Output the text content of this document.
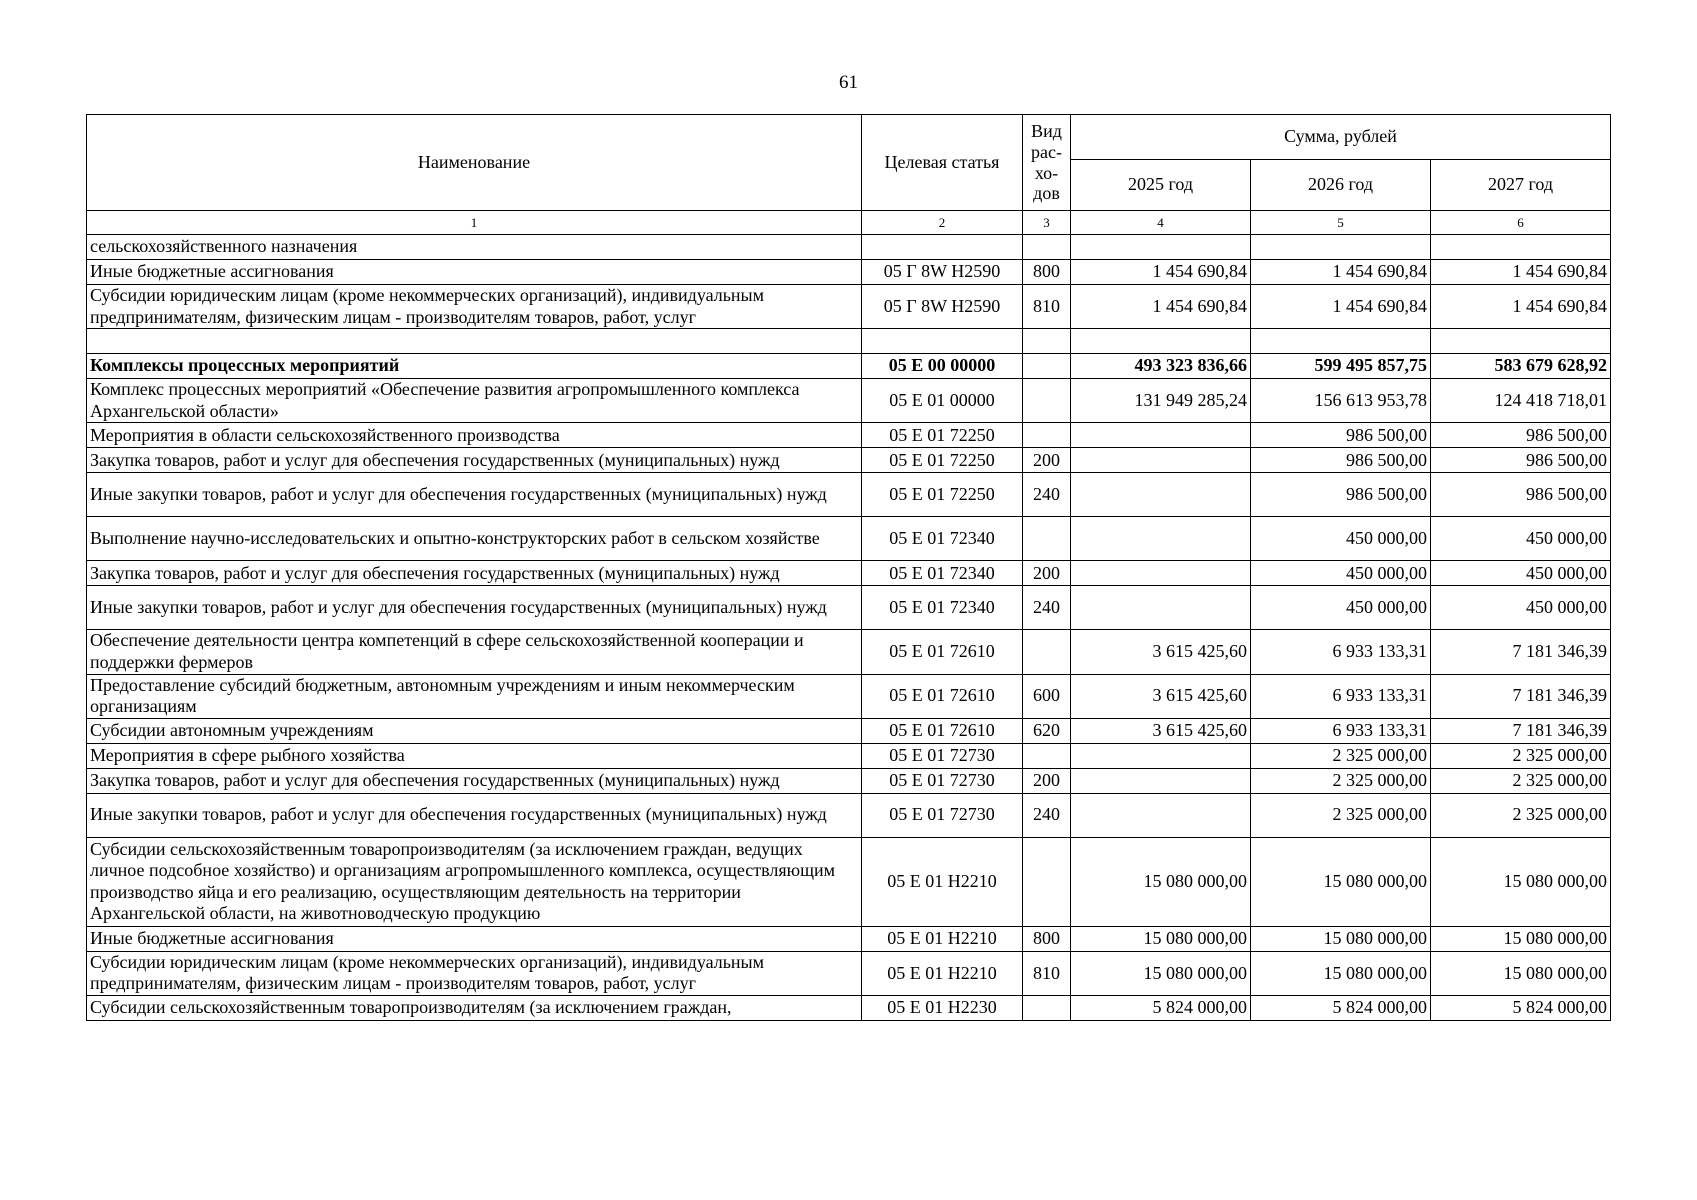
61
Наименование	Целевая статья	Вид рас-хо-дов	Сумма, рублей		
			2025 год	2026 год	2027 год
1	2	3	4	5	6
сельскохозяйственного назначения					
Иные бюджетные ассигнования	05 Г 8W H2590	800	1 454 690,84	1 454 690,84	1 454 690,84
Субсидии юридическим лицам (кроме некоммерческих организаций), индивидуальным предпринимателям, физическим лицам - производителям товаров, работ, услуг	05 Г 8W H2590	810	1 454 690,84	1 454 690,84	1 454 690,84

Комплексы процессных мероприятий	05 Е 00 00000		493 323 836,66	599 495 857,75	583 679 628,92
Комплекс процессных мероприятий «Обеспечение развития агропромышленного комплекса Архангельской области»	05 Е 01 00000		131 949 285,24	156 613 953,78	124 418 718,01
Мероприятия в области сельскохозяйственного производства	05 Е 01 72250			986 500,00	986 500,00
Закупка товаров, работ и услуг для обеспечения государственных (муниципальных) нужд	05 Е 01 72250	200		986 500,00	986 500,00
Иные закупки товаров, работ и услуг для обеспечения государственных (муниципальных) нужд	05 Е 01 72250	240		986 500,00	986 500,00
Выполнение научно-исследовательских и опытно-конструкторских работ в сельском хозяйстве	05 Е 01 72340			450 000,00	450 000,00
Закупка товаров, работ и услуг для обеспечения государственных (муниципальных) нужд	05 Е 01 72340	200		450 000,00	450 000,00
Иные закупки товаров, работ и услуг для обеспечения государственных (муниципальных) нужд	05 Е 01 72340	240		450 000,00	450 000,00
Обеспечение деятельности центра компетенций в сфере сельскохозяйственной кооперации и поддержки фермеров	05 Е 01 72610		3 615 425,60	6 933 133,31	7 181 346,39
Предоставление субсидий бюджетным, автономным учреждениям и иным некоммерческим организациям	05 Е 01 72610	600	3 615 425,60	6 933 133,31	7 181 346,39
Субсидии автономным учреждениям	05 Е 01 72610	620	3 615 425,60	6 933 133,31	7 181 346,39
Мероприятия в сфере рыбного хозяйства	05 Е 01 72730			2 325 000,00	2 325 000,00
Закупка товаров, работ и услуг для обеспечения государственных (муниципальных) нужд	05 Е 01 72730	200		2 325 000,00	2 325 000,00
Иные закупки товаров, работ и услуг для обеспечения государственных (муниципальных) нужд	05 Е 01 72730	240		2 325 000,00	2 325 000,00
Субсидии сельскохозяйственным товаропроизводителям (за исключением граждан, ведущих личное подсобное хозяйство) и организациям агропромышленного комплекса, осуществляющим производство яйца и его реализацию, осуществляющим деятельность на территории Архангельской области, на животноводческую продукцию	05 Е 01 H2210		15 080 000,00	15 080 000,00	15 080 000,00
Иные бюджетные ассигнования	05 Е 01 H2210	800	15 080 000,00	15 080 000,00	15 080 000,00
Субсидии юридическим лицам (кроме некоммерческих организаций), индивидуальным предпринимателям, физическим лицам - производителям товаров, работ, услуг	05 Е 01 H2210	810	15 080 000,00	15 080 000,00	15 080 000,00
Субсидии сельскохозяйственным товаропроизводителям (за исключением граждан,	05 Е 01 H2230		5 824 000,00	5 824 000,00	5 824 000,00
